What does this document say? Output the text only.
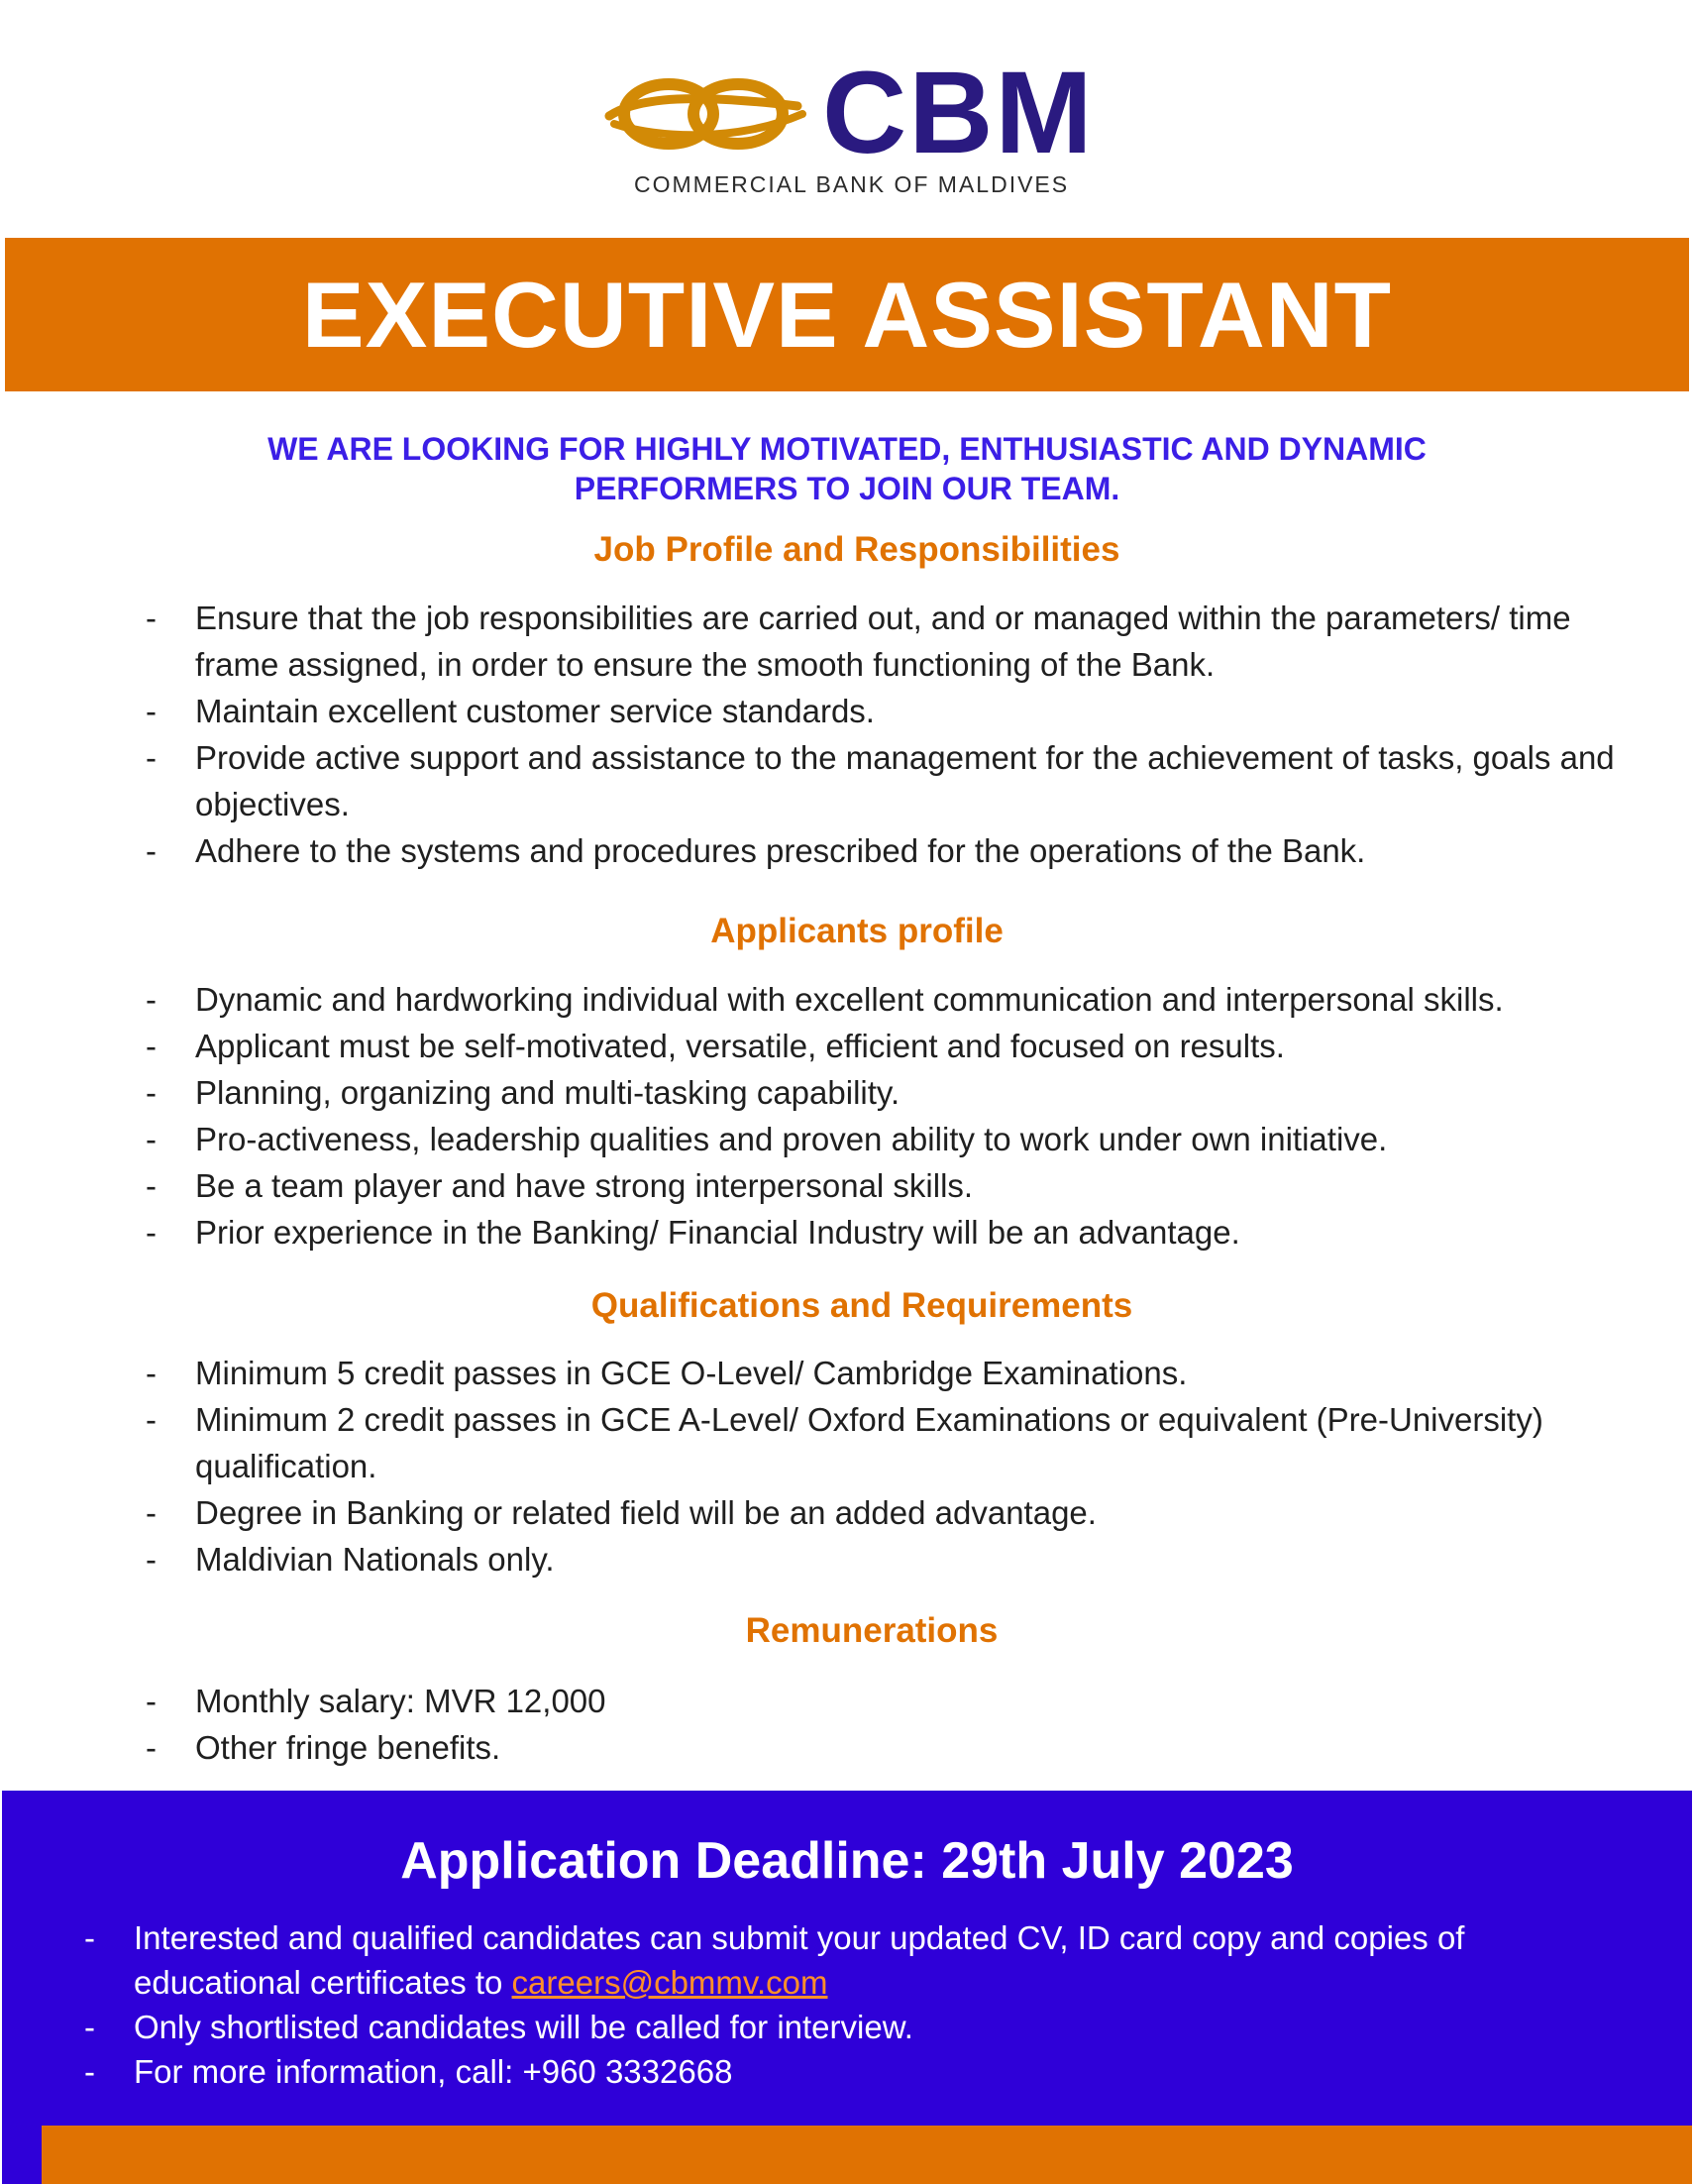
CBM
COMMERCIAL BANK OF MALDIVES
EXECUTIVE ASSISTANT

WE ARE LOOKING FOR HIGHLY MOTIVATED, ENTHUSIASTIC AND DYNAMIC
PERFORMERS TO JOIN OUR TEAM.

Job Profile and Responsibilities
- Ensure that the job responsibilities are carried out, and or managed within the parameters/ time frame assigned, in order to ensure the smooth functioning of the Bank.
- Maintain excellent customer service standards.
- Provide active support and assistance to the management for the achievement of tasks, goals and objectives.
- Adhere to the systems and procedures prescribed for the operations of the Bank.
Applicants profile
- Dynamic and hardworking individual with excellent communication and interpersonal skills.
- Applicant must be self-motivated, versatile, efficient and focused on results.
- Planning, organizing and multi-tasking capability.
- Pro-activeness, leadership qualities and proven ability to work under own initiative.
- Be a team player and have strong interpersonal skills.
- Prior experience in the Banking/ Financial Industry will be an advantage.
Qualifications and Requirements
- Minimum 5 credit passes in GCE O-Level/ Cambridge Examinations.
- Minimum 2 credit passes in GCE A-Level/ Oxford Examinations or equivalent (Pre-University) qualification.
- Degree in Banking or related field will be an added advantage.
- Maldivian Nationals only.
Remunerations
- Monthly salary: MVR 12,000
- Other fringe benefits.
Application Deadline: 29th July 2023
- Interested and qualified candidates can submit your updated CV, ID card copy and copies of educational certificates to careers@cbmmv.com
- Only shortlisted candidates will be called for interview.
- For more information, call: +960 3332668
